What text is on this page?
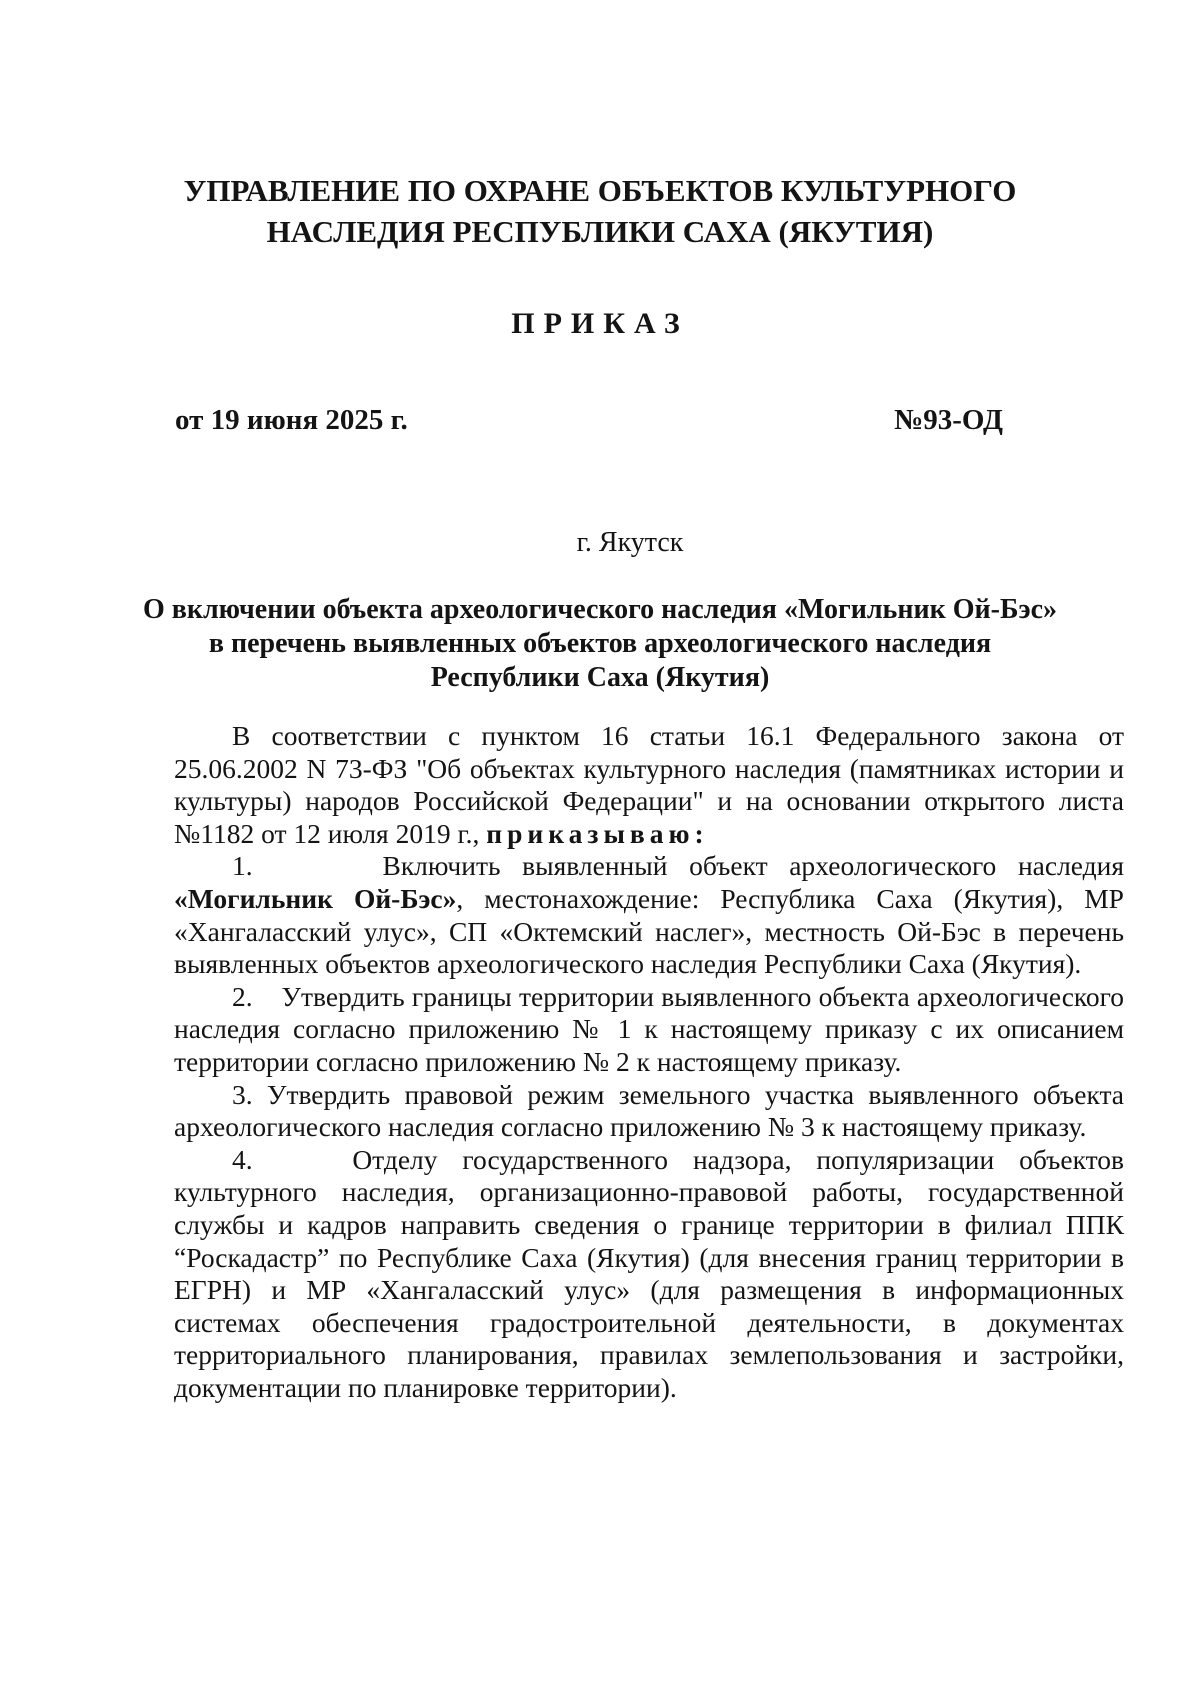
УПРАВЛЕНИЕ ПО ОХРАНЕ ОБЪЕКТОВ КУЛЬТУРНОГО
НАСЛЕДИЯ РЕСПУБЛИКИ САХА (ЯКУТИЯ)
ПРИКАЗ
от 19 июня 2025 г.	№93-ОД
г. Якутск
О включении объекта археологического наследия «Могильник Ой-Бэс»
в перечень выявленных объектов археологического наследия
Республики Саха (Якутия)

В соответствии с пунктом 16 статьи 16.1 Федерального закона от 25.06.2002 N 73-ФЗ "Об объектах культурного наследия (памятниках истории и культуры) народов Российской Федерации" и на основании открытого листа №1182 от 12 июля 2019 г., приказываю:

1.	Включить выявленный объект археологического наследия «Могильник Ой-Бэс», местонахождение: Республика Саха (Якутия), МР «Хангаласский улус», СП «Октемский наслег», местность Ой-Бэс в перечень выявленных объектов археологического наследия Республики Саха (Якутия).

2. Утвердить границы территории выявленного объекта археологического наследия согласно приложению № 1 к настоящему приказу с их описанием территории согласно приложению № 2 к настоящему приказу.

3. Утвердить правовой режим земельного участка выявленного объекта археологического наследия согласно приложению № 3 к настоящему приказу.

4.	Отделу государственного надзора, популяризации объектов культурного наследия, организационно-правовой работы, государственной службы и кадров направить сведения о границе территории в филиал ППК “Роскадастр” по Республике Саха (Якутия) (для внесения границ территории в ЕГРН) и МР «Хангаласский улус» (для размещения в информационных системах обеспечения градостроительной деятельности, в документах территориального планирования, правилах землепользования и застройки, документации по планировке территории).
